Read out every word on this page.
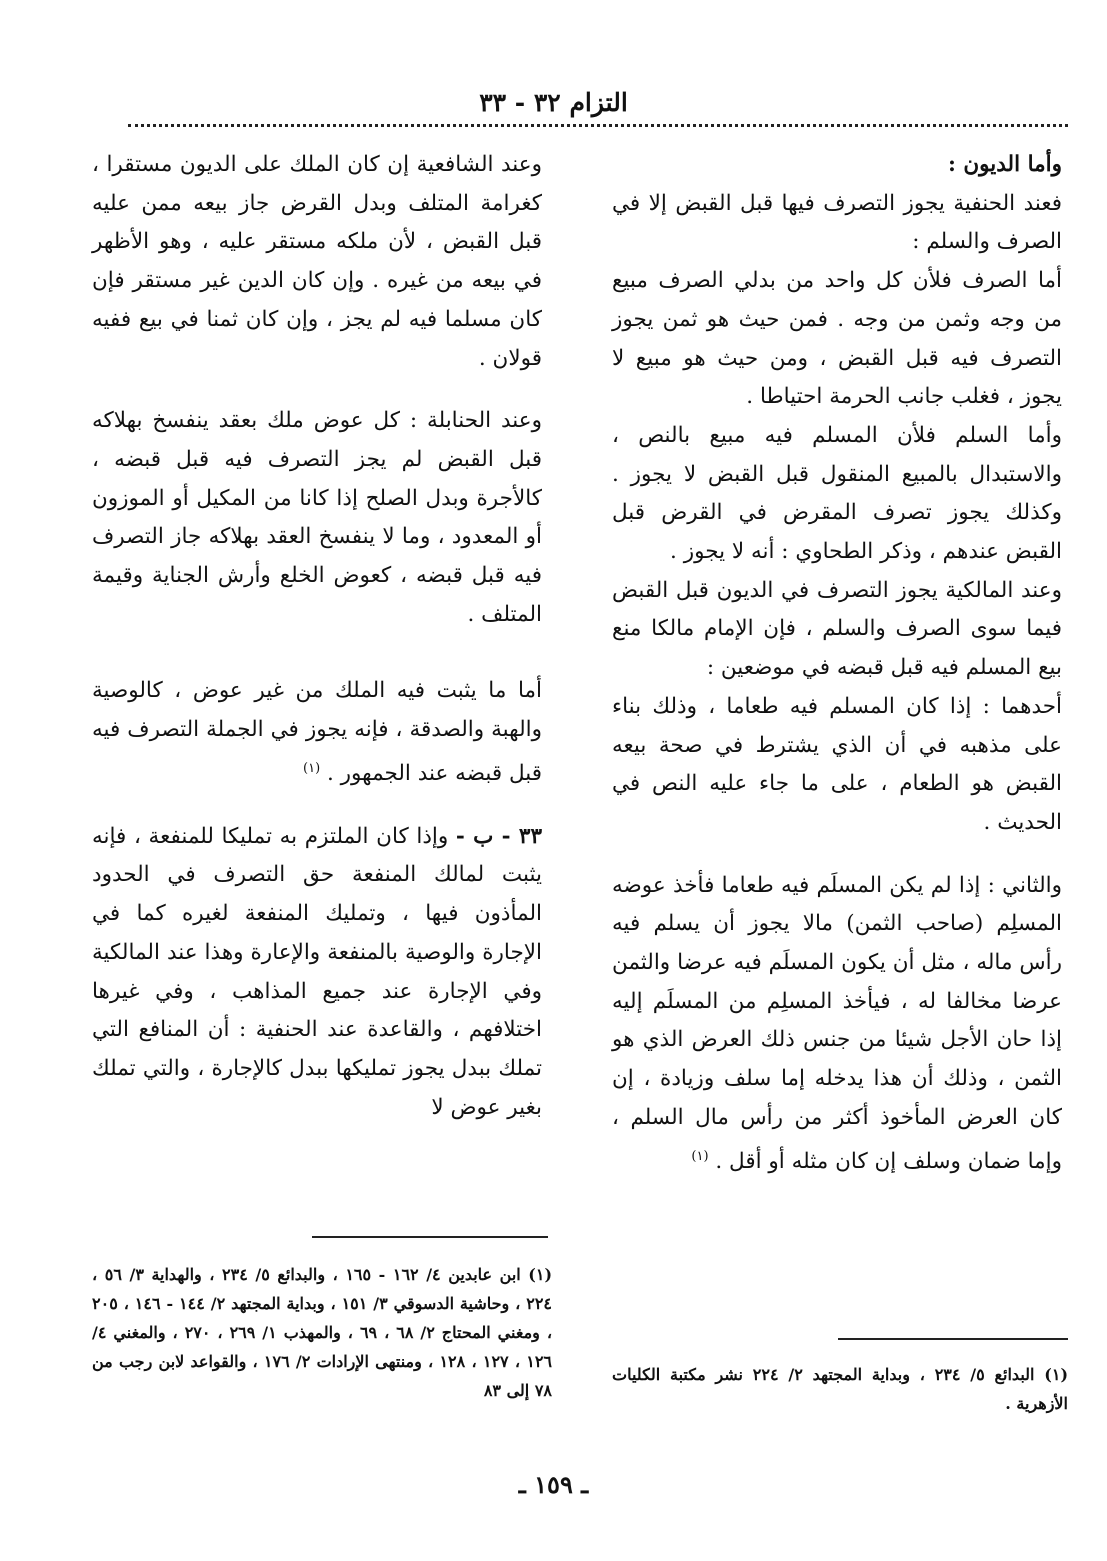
التزام ٣٢ - ٣٣

وأما الديون :

فعند الحنفية يجوز التصرف فيها قبل القبض إلا في الصرف والسلم :

أما الصرف فلأن كل واحد من بدلي الصرف مبيع من وجه وثمن من وجه . فمن حيث هو ثمن يجوز التصرف فيه قبل القبض ، ومن حيث هو مبيع لا يجوز ، فغلب جانب الحرمة احتياطا .

وأما السلم فلأن المسلم فيه مبيع بالنص ، والاستبدال بالمبيع المنقول قبل القبض لا يجوز . وكذلك يجوز تصرف المقرض في القرض قبل القبض عندهم ، وذكر الطحاوي : أنه لا يجوز .

وعند المالكية يجوز التصرف في الديون قبل القبض فيما سوى الصرف والسلم ، فإن الإمام مالكا منع بيع المسلم فيه قبل قبضه في موضعين :

أحدهما : إذا كان المسلم فيه طعاما ، وذلك بناء على مذهبه في أن الذي يشترط في صحة بيعه القبض هو الطعام ، على ما جاء عليه النص في الحديث .

والثاني : إذا لم يكن المسلَم فيه طعاما فأخذ عوضه المسلِم (صاحب الثمن) مالا يجوز أن يسلم فيه رأس ماله ، مثل أن يكون المسلَم فيه عرضا والثمن عرضا مخالفا له ، فيأخذ المسلِم من المسلَم إليه إذا حان الأجل شيئا من جنس ذلك العرض الذي هو الثمن ، وذلك أن هذا يدخله إما سلف وزيادة ، إن كان العرض المأخوذ أكثر من رأس مال السلم ، وإما ضمان وسلف إن كان مثله أو أقل . $^{(١)}$

(١) البدائع ٥/ ٢٣٤ ، وبداية المجتهد ٢/ ٢٢٤ نشر مكتبة الكليات الأزهرية .

وعند الشافعية إن كان الملك على الديون مستقرا ، كغرامة المتلف وبدل القرض جاز بيعه ممن عليه قبل القبض ، لأن ملكه مستقر عليه ، وهو الأظهر في بيعه من غيره . وإن كان الدين غير مستقر فإن كان مسلما فيه لم يجز ، وإن كان ثمنا في بيع ففيه قولان .

وعند الحنابلة : كل عوض ملك بعقد ينفسخ بهلاكه قبل القبض لم يجز التصرف فيه قبل قبضه ، كالأجرة وبدل الصلح إذا كانا من المكيل أو الموزون أو المعدود ، وما لا ينفسخ العقد بهلاكه جاز التصرف فيه قبل قبضه ، كعوض الخلع وأرش الجناية وقيمة المتلف .

أما ما يثبت فيه الملك من غير عوض ، كالوصية والهبة والصدقة ، فإنه يجوز في الجملة التصرف فيه قبل قبضه عند الجمهور . $^{(١)}$

٣٣ - ب - وإذا كان الملتزم به تمليكا للمنفعة ، فإنه يثبت لمالك المنفعة حق التصرف في الحدود المأذون فيها ، وتمليك المنفعة لغيره كما في الإجارة والوصية بالمنفعة والإعارة وهذا عند المالكية وفي الإجارة عند جميع المذاهب ، وفي غيرها اختلافهم ، والقاعدة عند الحنفية : أن المنافع التي تملك ببدل يجوز تمليكها ببدل كالإجارة ، والتي تملك بغير عوض لا

(١) ابن عابدين ٤/ ١٦٢ - ١٦٥ ، والبدائع ٥/ ٢٣٤ ، والهداية ٣/ ٥٦ ، ٢٢٤ ، وحاشية الدسوقي ٣/ ١٥١ ، وبداية المجتهد ٢/ ١٤٤ - ١٤٦ ، ٢٠٥ ، ومغني المحتاج ٢/ ٦٨ ، ٦٩ ، والمهذب ١/ ٢٦٩ ، ٢٧٠ ، والمغني ٤/ ١٢٦ ، ١٢٧ ، ١٢٨ ، ومنتهى الإرادات ٢/ ١٧٦ ، والقواعد لابن رجب من ٧٨ إلى ٨٣
ـ ١٥٩ ـ
